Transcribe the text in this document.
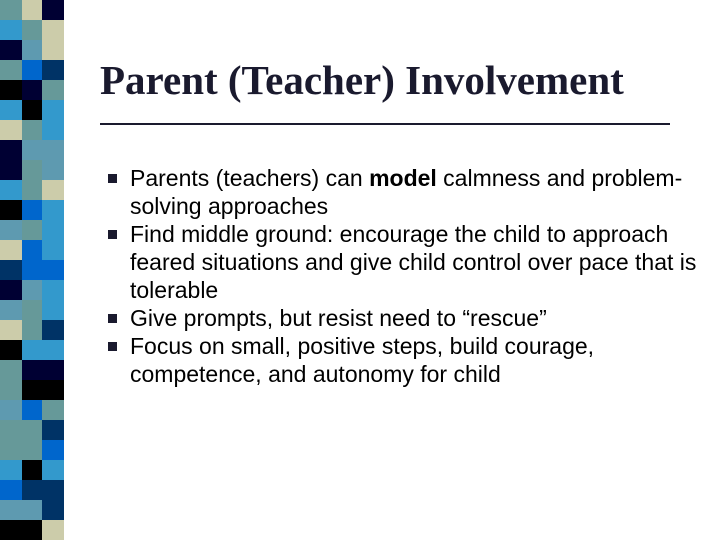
Parent (Teacher) Involvement
Parents (teachers) can model calmness and problem-solving approaches
Find middle ground: encourage the child to approach feared situations and give child control over pace that is tolerable
Give prompts, but resist need to “rescue”
Focus on small, positive steps, build courage, competence, and autonomy for child
